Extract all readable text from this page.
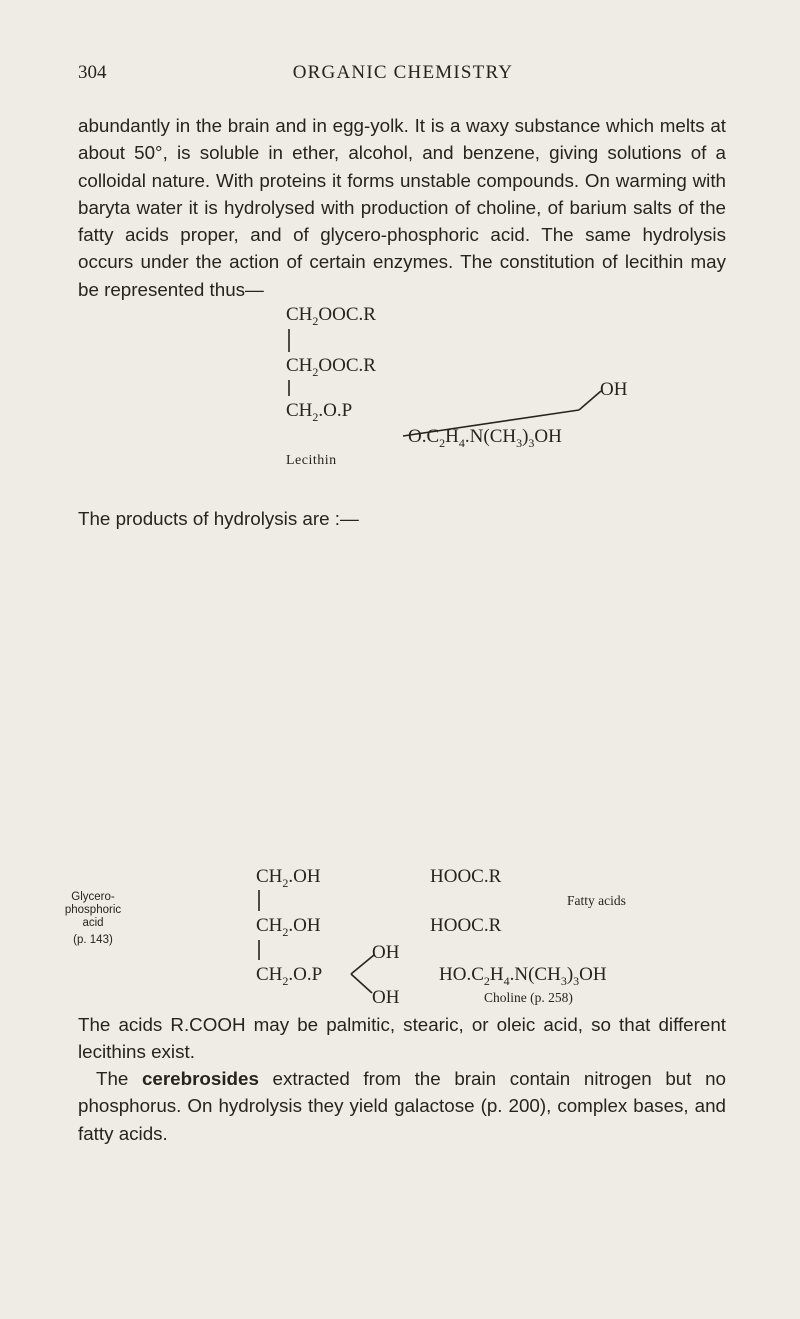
304	ORGANIC CHEMISTRY

abundantly in the brain and in egg-yolk. It is a waxy substance which melts at about 50°, is soluble in ether, alcohol, and benzene, giving solutions of a colloidal nature. With proteins it forms unstable compounds. On warming with baryta water it is hydrolysed with production of choline, of barium salts of the fatty acids proper, and of glycero-phosphoric acid. The same hydrolysis occurs under the action of certain enzymes. The constitution of lecithin may be represented thus—

$CH_2OOC.R$
$CH_2OOC.R$
OH
$CH_2.O.P$
$O.C_2H_4.N(CH_3)_3OH$
Lecithin
The products of hydrolysis are :—
Glycero-
phosphoric
acid
(p. 143)
$CH_2.OH$
$CH_2.OH$
OH
$CH_2.O.P$
OH
HOOC.R
Fatty acids
HOOC.R
$HO.C_2H_4.N(CH_3)_3OH$
Choline (p. 258)

The acids R.COOH may be palmitic, stearic, or oleic acid, so that different lecithins exist.

The cerebrosides extracted from the brain contain nitrogen but no phosphorus. On hydrolysis they yield galactose (p. 200), complex bases, and fatty acids.
